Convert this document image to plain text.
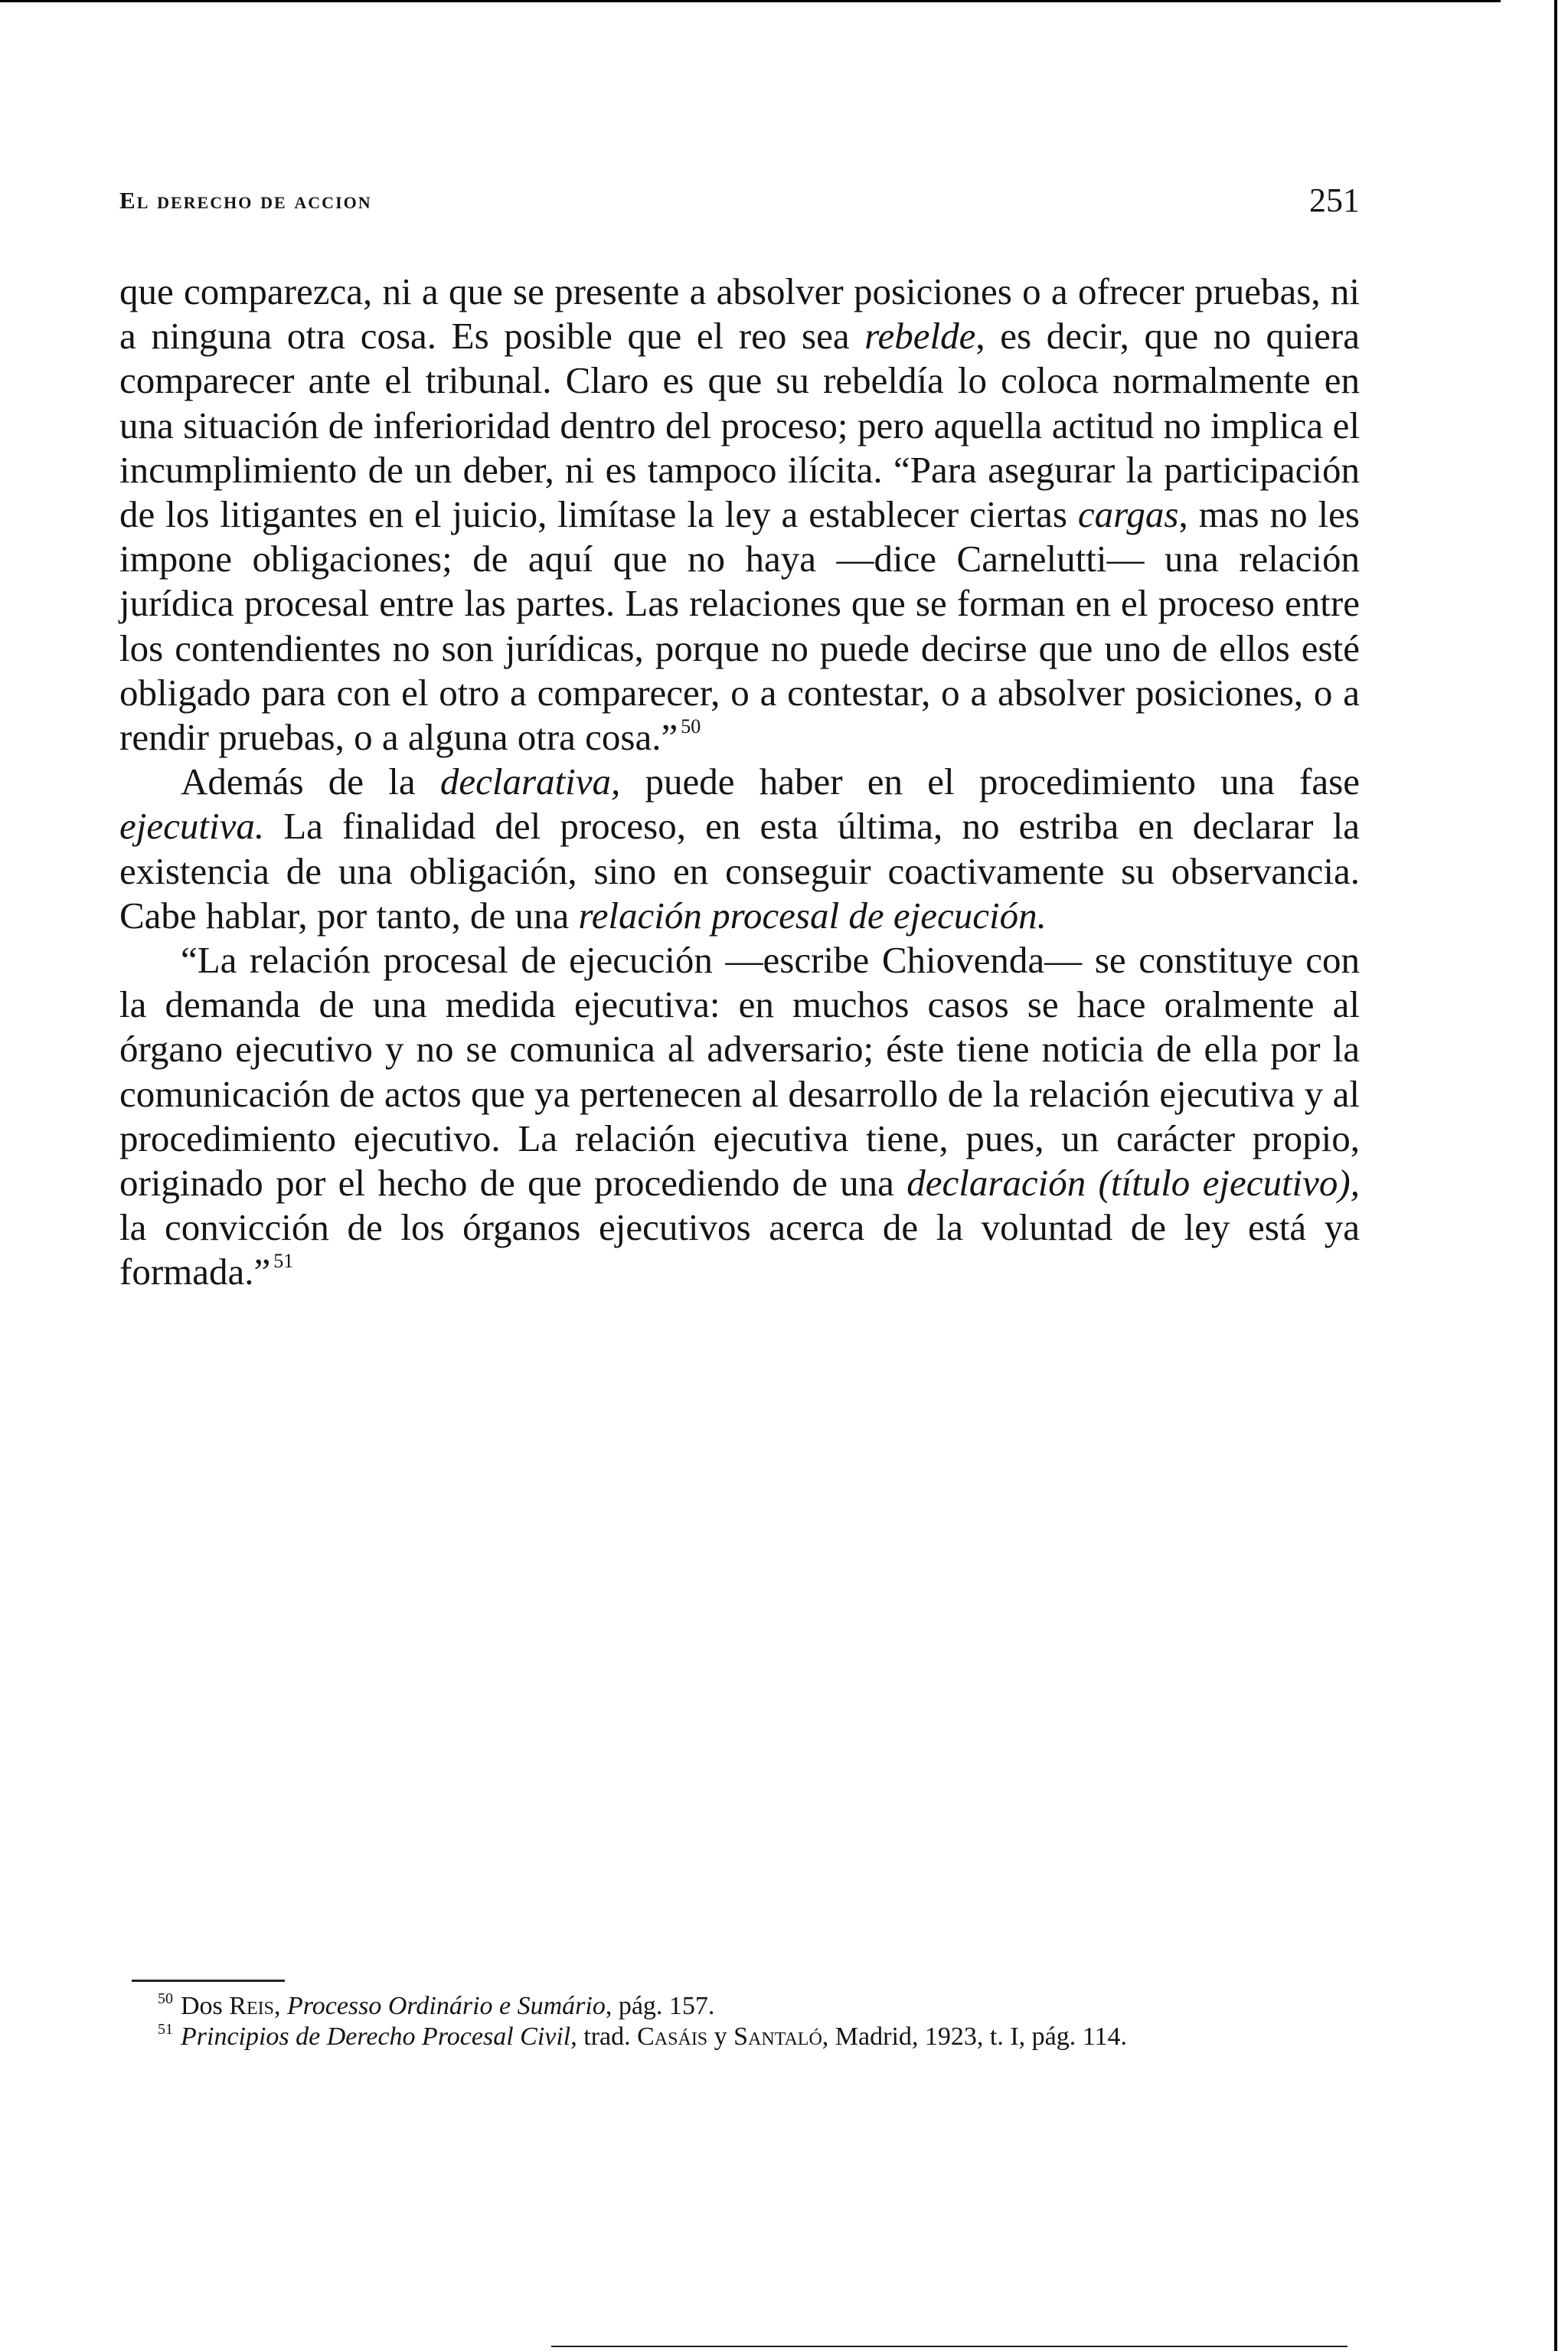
El derecho de accion	251

que comparezca, ni a que se presente a absolver posiciones o a ofrecer pruebas, ni a ninguna otra cosa. Es posible que el reo sea rebelde, es decir, que no quiera comparecer ante el tribunal. Claro es que su rebeldía lo coloca normalmente en una situación de inferioridad dentro del proceso; pero aquella actitud no implica el incumplimiento de un deber, ni es tampoco ilícita. “Para asegurar la participación de los litigantes en el juicio, limítase la ley a establecer ciertas cargas, mas no les impone obligaciones; de aquí que no haya —dice Carnelutti— una relación jurídica procesal entre las partes. Las relaciones que se forman en el proceso entre los contendientes no son jurídicas, porque no puede decirse que uno de ellos esté obligado para con el otro a comparecer, o a contestar, o a absolver posiciones, o a rendir pruebas, o a alguna otra cosa.” $^{50}$

Además de la declarativa, puede haber en el procedimiento una fase ejecutiva. La finalidad del proceso, en esta última, no estriba en declarar la existencia de una obligación, sino en conseguir coactivamente su observancia. Cabe hablar, por tanto, de una relación procesal de ejecución.

“La relación procesal de ejecución —escribe Chiovenda— se constituye con la demanda de una medida ejecutiva: en muchos casos se hace oralmente al órgano ejecutivo y no se comunica al adversario; éste tiene noticia de ella por la comunicación de actos que ya pertenecen al desarrollo de la relación ejecutiva y al procedimiento ejecutivo. La relación ejecutiva tiene, pues, un carácter propio, originado por el hecho de que procediendo de una declaración (título ejecutivo), la convicción de los órganos ejecutivos acerca de la voluntad de ley está ya formada.” $^{51}$

$^{50}$ Dos Reis, Processo Ordinário e Sumário, pág. 157.

$^{51}$ Principios de Derecho Procesal Civil, trad. Casáis y Santaló, Madrid, 1923, t. I, pág. 114.
